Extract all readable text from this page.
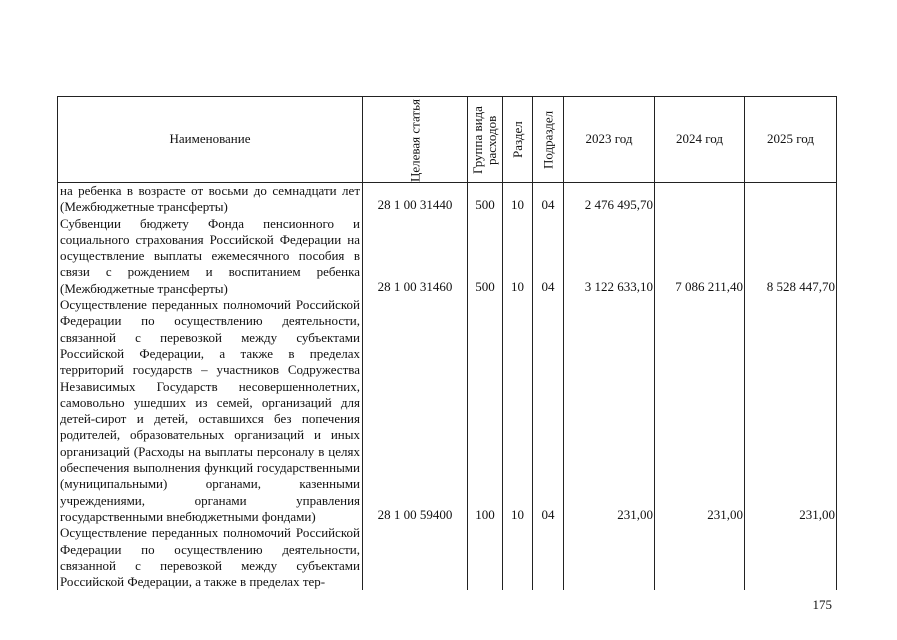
Наименование	Целевая статья	Группа вида расходов	Раздел	Подраздел	2023 год	2024 год	2025 год
на ребенка в возрасте от восьми до семнадцати лет (Межбюджетные трансферты)	28 1 00 31440	500	10	04	2 476 495,70		
Субвенции бюджету Фонда пенсионного и социального страхования Российской Федерации на осуществление выплаты ежемесячного пособия в связи с рождением и воспитанием ребенка (Межбюджетные трансферты)	28 1 00 31460	500	10	04	3 122 633,10	7 086 211,40	8 528 447,70
Осуществление переданных полномочий Российской Федерации по осуществлению деятельности, связанной с перевозкой между субъектами Российской Федерации, а также в пределах территорий государств – участников Содружества Независимых Государств несовершеннолетних, самовольно ушедших из семей, организаций для детей-сирот и детей, оставшихся без попечения родителей, образовательных организаций и иных организаций (Расходы на выплаты персоналу в целях обеспечения выполнения функций государственными (муниципальными) органами, казенными учреждениями, органами управления государственными внебюджетными фондами)	28 1 00 59400	100	10	04	231,00	231,00	231,00
Осуществление переданных полномочий Российской Федерации по осуществлению деятельности, связанной с перевозкой между субъектами Российской Федерации, а также в пределах тер-							
175
